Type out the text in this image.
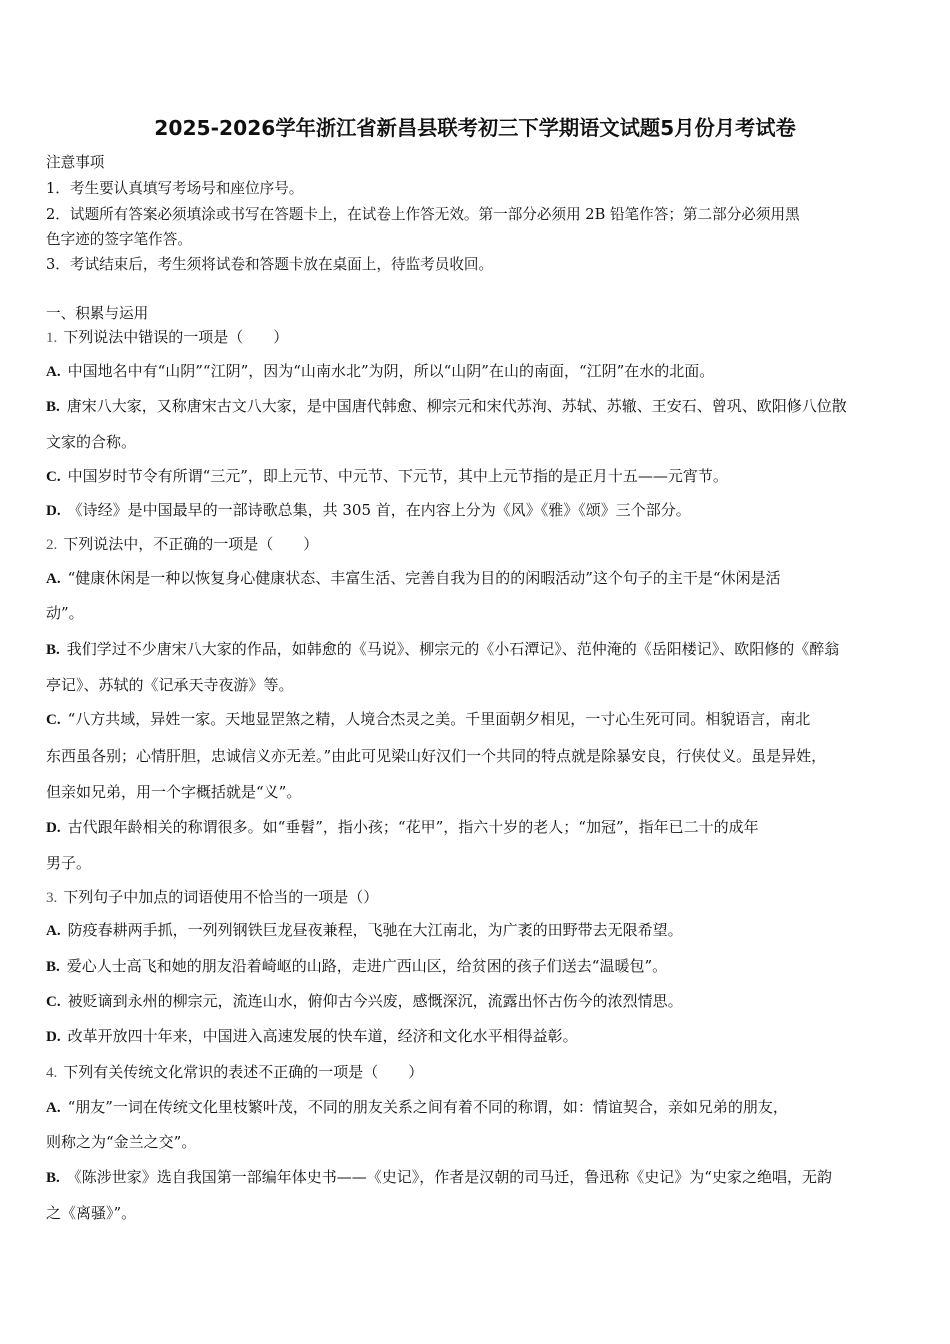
2025-2026学年浙江省新昌县联考初三下学期语文试题5月份月考试卷
注意事项
1．考生要认真填写考场号和座位序号。
2．试题所有答案必须填涂或书写在答题卡上，在试卷上作答无效。第一部分必须用 2B 铅笔作答；第二部分必须用黑
色字迹的签字笔作答。
3．考试结束后，考生须将试卷和答题卡放在桌面上，待监考员收回。
一、积累与运用
1. 下列说法中错误的一项是（　　）
A. 中国地名中有“山阴”“江阴”，因为“山南水北”为阴，所以“山阴”在山的南面，“江阴”在水的北面。
B. 唐宋八大家，又称唐宋古文八大家，是中国唐代韩愈、柳宗元和宋代苏洵、苏轼、苏辙、王安石、曾巩、欧阳修八位散
文家的合称。
C. 中国岁时节令有所谓“三元”，即上元节、中元节、下元节，其中上元节指的是正月十五——元宵节。
D. 《诗经》是中国最早的一部诗歌总集，共 305 首，在内容上分为《风》《雅》《颂》三个部分。
2. 下列说法中，不正确的一项是（　　）
A. “健康休闲是一种以恢复身心健康状态、丰富生活、完善自我为目的的闲暇活动”这个句子的主干是“休闲是活
动”。
B. 我们学过不少唐宋八大家的作品，如韩愈的《马说》、柳宗元的《小石潭记》、范仲淹的《岳阳楼记》、欧阳修的《醉翁
亭记》、苏轼的《记承天寺夜游》等。
C. “八方共域，异姓一家。天地显罡煞之精，人境合杰灵之美。千里面朝夕相见，一寸心生死可同。相貌语言，南北
东西虽各别；心情肝胆，忠诚信义亦无差。”由此可见梁山好汉们一个共同的特点就是除暴安良，行侠仗义。虽是异姓，
但亲如兄弟，用一个字概括就是“义”。
D. 古代跟年龄相关的称谓很多。如“垂髫”，指小孩；“花甲”，指六十岁的老人；“加冠”，指年已二十的成年
男子。
3. 下列句子中加点的词语使用不恰当的一项是（）
A. 防疫春耕两手抓，一列列钢铁巨龙昼夜兼程，飞驰在大江南北，为广袤的田野带去无限希望。
B. 爱心人士高飞和她的朋友沿着崎岖的山路，走进广西山区，给贫困的孩子们送去“温暖包”。
C. 被贬谪到永州的柳宗元，流连山水，俯仰古今兴废，感慨深沉，流露出怀古伤今的浓烈情思。
D. 改革开放四十年来，中国进入高速发展的快车道，经济和文化水平相得益彰。
4. 下列有关传统文化常识的表述不正确的一项是（　　）
A. “朋友”一词在传统文化里枝繁叶茂，不同的朋友关系之间有着不同的称谓，如：情谊契合，亲如兄弟的朋友，
则称之为“金兰之交”。
B. 《陈涉世家》选自我国第一部编年体史书——《史记》，作者是汉朝的司马迁，鲁迅称《史记》为“史家之绝唱，无韵
之《离骚》”。
